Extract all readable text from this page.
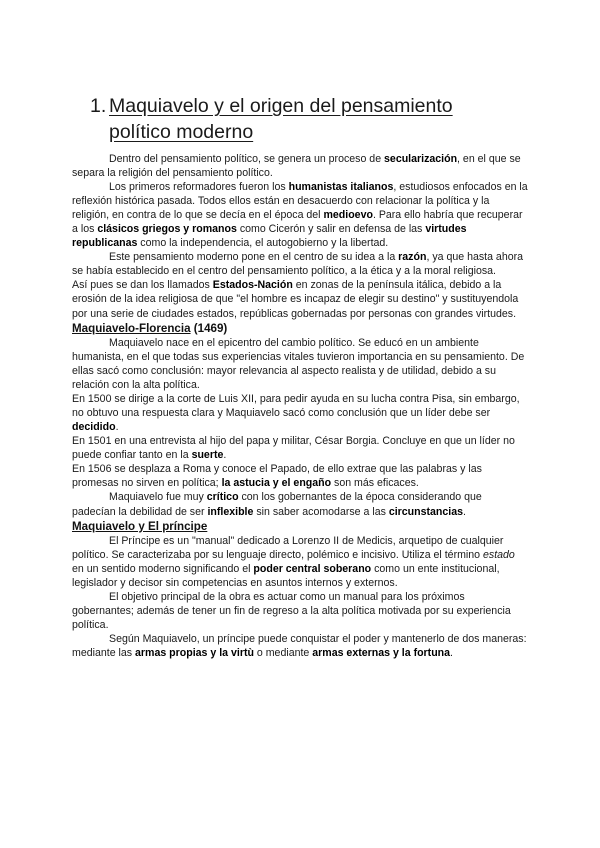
1. Maquiavelo y el origen del pensamiento
político moderno

Dentro del pensamiento político, se genera un proceso de secularización, en el que se separa la religión del pensamiento político.

Los primeros reformadores fueron los humanistas italianos, estudiosos enfocados en la reflexión histórica pasada. Todos ellos están en desacuerdo con relacionar la política y la religión, en contra de lo que se decía en el época del medioevo. Para ello habría que recuperar a los clásicos griegos y romanos como Cicerón y salir en defensa de las virtudes republicanas como la independencia, el autogobierno y la libertad.

Este pensamiento moderno pone en el centro de su idea a la razón, ya que hasta ahora se había establecido en el centro del pensamiento político, a la ética y a la moral religiosa.

Así pues se dan los llamados Estados-Nación en zonas de la península itálica, debido a la erosión de la idea religiosa de que "el hombre es incapaz de elegir su destino" y sustituyendola por una serie de ciudades estados, repúblicas gobernadas por personas con grandes virtudes.

Maquiavelo-Florencia (1469)

Maquiavelo nace en el epicentro del cambio político. Se educó en un ambiente humanista, en el que todas sus experiencias vitales tuvieron importancia en su pensamiento. De ellas sacó como conclusión: mayor relevancia al aspecto realista y de utilidad, debido a su relación con la alta política.

En 1500 se dirige a la corte de Luis XII, para pedir ayuda en su lucha contra Pisa, sin embargo, no obtuvo una respuesta clara y Maquiavelo sacó como conclusión que un líder debe ser decidido.

En 1501 en una entrevista al hijo del papa y militar, César Borgia. Concluye en que un líder no puede confiar tanto en la suerte.

En 1506 se desplaza a Roma y conoce el Papado, de ello extrae que las palabras y las promesas no sirven en política; la astucia y el engaño son más eficaces.

Maquiavelo fue muy crítico con los gobernantes de la época considerando que padecían la debilidad de ser inflexible sin saber acomodarse a las circunstancias.

Maquiavelo y El príncipe

El Príncipe es un "manual" dedicado a Lorenzo II de Medicis, arquetipo de cualquier político. Se caracterizaba por su lenguaje directo, polémico e incisivo. Utiliza el término estado en un sentido moderno significando el poder central soberano como un ente institucional, legislador y decisor sin competencias en asuntos internos y externos.

El objetivo principal de la obra es actuar como un manual para los próximos gobernantes; además de tener un fin de regreso a la alta política motivada por su experiencia política.

Según Maquiavelo, un príncipe puede conquistar el poder y mantenerlo de dos maneras: mediante las armas propias y la virtù o mediante armas externas y la fortuna.
